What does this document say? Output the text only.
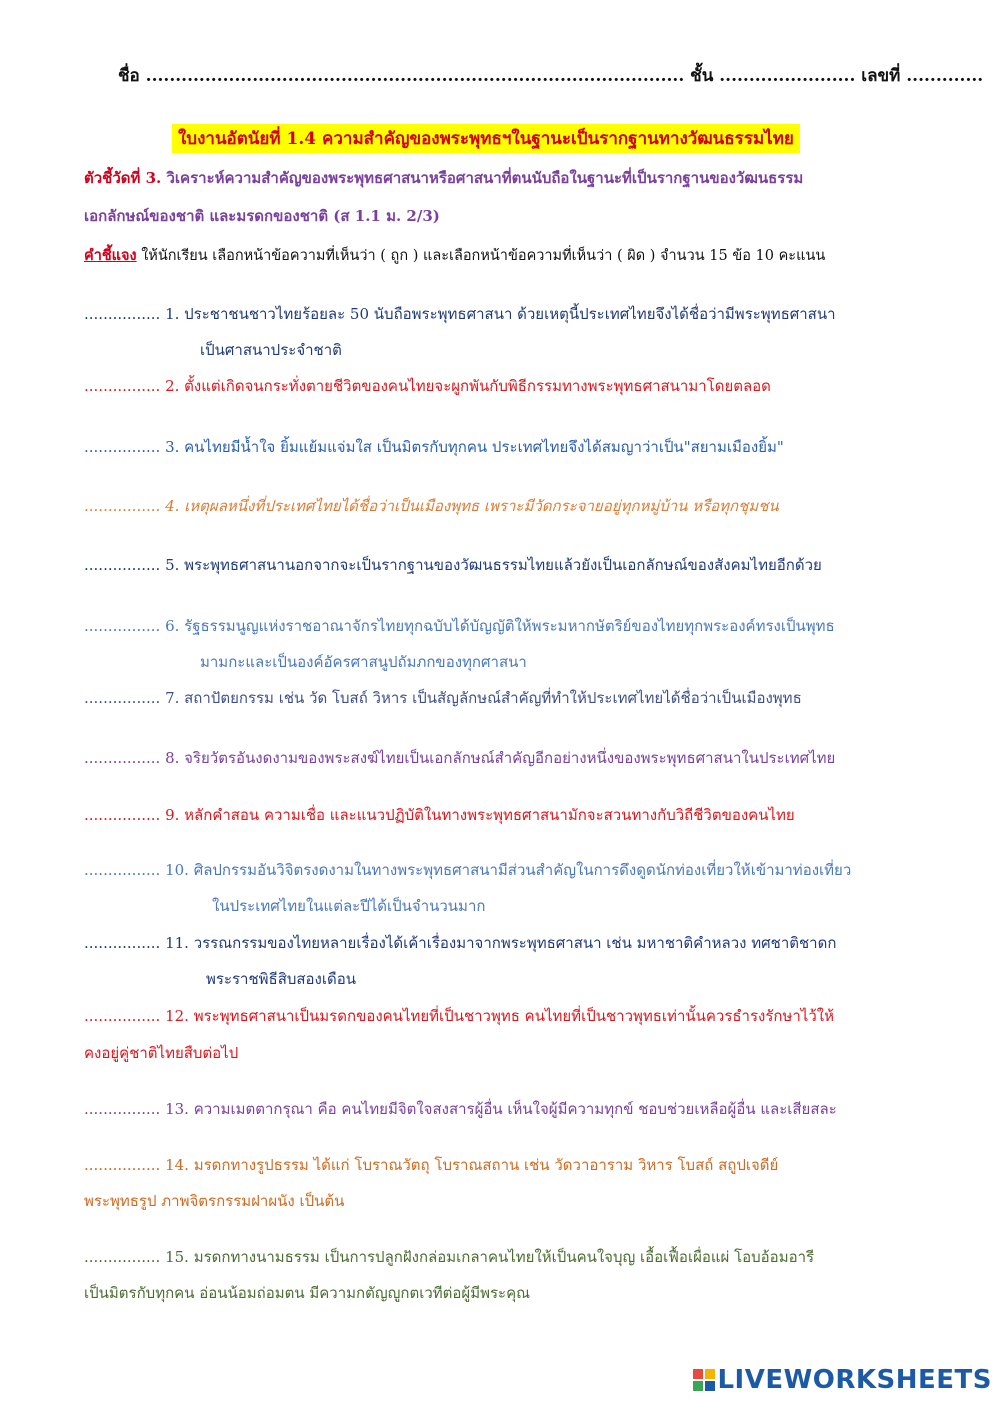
ชื่อ ........................................................................................... ชั้น ....................... เลขที่ .............
ใบงานอัตนัยที่ 1.4 ความสำคัญของพระพุทธฯในฐานะเป็นรากฐานทางวัฒนธรรมไทย
ตัวชี้วัดที่ 3. วิเคราะห์ความสำคัญของพระพุทธศาสนาหรือศาสนาที่ตนนับถือในฐานะที่เป็นรากฐานของวัฒนธรรม
เอกลักษณ์ของชาติ และมรดกของชาติ (ส 1.1 ม. 2/3)
คำชี้แจง ให้นักเรียน เลือกหน้าข้อความที่เห็นว่า ( ถูก ) และเลือกหน้าข้อความที่เห็นว่า ( ผิด ) จำนวน 15 ข้อ 10 คะแนน
................ 1. ประชาชนชาวไทยร้อยละ 50 นับถือพระพุทธศาสนา ด้วยเหตุนี้ประเทศไทยจึงได้ชื่อว่ามีพระพุทธศาสนา
เป็นศาสนาประจำชาติ
................ 2. ตั้งแต่เกิดจนกระทั่งตายชีวิตของคนไทยจะผูกพันกับพิธีกรรมทางพระพุทธศาสนามาโดยตลอด
................ 3. คนไทยมีน้ำใจ ยิ้มแย้มแจ่มใส เป็นมิตรกับทุกคน ประเทศไทยจึงได้สมญาว่าเป็น"สยามเมืองยิ้ม"
................ 4. เหตุผลหนึ่งที่ประเทศไทยได้ชื่อว่าเป็นเมืองพุทธ เพราะมีวัดกระจายอยู่ทุกหมู่บ้าน หรือทุกชุมชน
................ 5. พระพุทธศาสนานอกจากจะเป็นรากฐานของวัฒนธรรมไทยแล้วยังเป็นเอกลักษณ์ของสังคมไทยอีกด้วย
................ 6. รัฐธรรมนูญแห่งราชอาณาจักรไทยทุกฉบับได้บัญญัติให้พระมหากษัตริย์ของไทยทุกพระองค์ทรงเป็นพุทธ
มามกะและเป็นองค์อัครศาสนูปถัมภกของทุกศาสนา
................ 7. สถาปัตยกรรม เช่น วัด โบสถ์ วิหาร เป็นสัญลักษณ์สำคัญที่ทำให้ประเทศไทยได้ชื่อว่าเป็นเมืองพุทธ
................ 8. จริยวัตรอันงดงามของพระสงฆ์ไทยเป็นเอกลักษณ์สำคัญอีกอย่างหนึ่งของพระพุทธศาสนาในประเทศไทย
................ 9. หลักคำสอน ความเชื่อ และแนวปฏิบัติในทางพระพุทธศาสนามักจะสวนทางกับวิถีชีวิตของคนไทย
................ 10. ศิลปกรรมอันวิจิตรงดงามในทางพระพุทธศาสนามีส่วนสำคัญในการดึงดูดนักท่องเที่ยวให้เข้ามาท่องเที่ยว
ในประเทศไทยในแต่ละปีได้เป็นจำนวนมาก
................ 11. วรรณกรรมของไทยหลายเรื่องได้เค้าเรื่องมาจากพระพุทธศาสนา เช่น มหาชาติคำหลวง ทศชาติชาดก
พระราชพิธีสิบสองเดือน
................ 12. พระพุทธศาสนาเป็นมรดกของคนไทยที่เป็นชาวพุทธ คนไทยที่เป็นชาวพุทธเท่านั้นควรธำรงรักษาไว้ให้
คงอยู่คู่ชาติไทยสืบต่อไป
................ 13. ความเมตตากรุณา คือ คนไทยมีจิตใจสงสารผู้อื่น เห็นใจผู้มีความทุกข์ ชอบช่วยเหลือผู้อื่น และเสียสละ
................ 14. มรดกทางรูปธรรม ได้แก่ โบราณวัตถุ โบราณสถาน เช่น วัดวาอาราม วิหาร โบสถ์ สถูปเจดีย์
พระพุทธรูป ภาพจิตรกรรมฝาผนัง เป็นต้น
................ 15. มรดกทางนามธรรม เป็นการปลูกฝังกล่อมเกลาคนไทยให้เป็นคนใจบุญ เอื้อเฟื้อเผื่อแผ่ โอบอ้อมอารี
เป็นมิตรกับทุกคน อ่อนน้อมถ่อมตน มีความกตัญญูกตเวทีต่อผู้มีพระคุณ
LIVEWORKSHEETS
